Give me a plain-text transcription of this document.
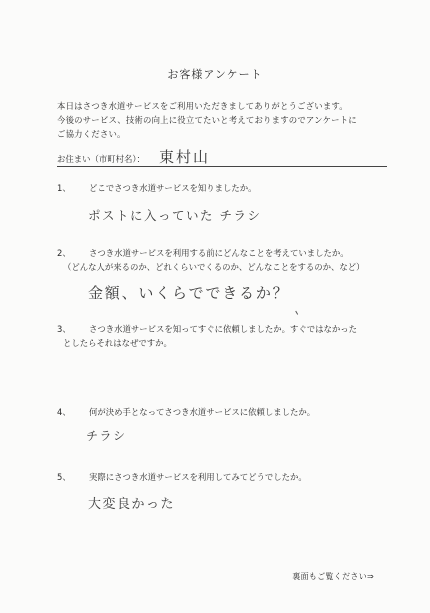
お客様アンケート
本日はさつき水道サービスをご利用いただきましてありがとうございます。
今後のサービス、技術の向上に役立てたいと考えておりますのでアンケートに
ご協力ください。
お住まい（市町村名）： 東村山
1、 どこでさつき水道サービスを知りましたか。
ポストに入っていた チラシ
2、 さつき水道サービスを利用する前にどんなことを考えていましたか。
（どんな人が来るのか、どれくらいでくるのか、どんなことをするのか、など）
金額、いくらでできるか？
3、 さつき水道サービスを知ってすぐに依頼しましたか。すぐではなかった
としたらそれはなぜですか。
4、 何が決め手となってさつき水道サービスに依頼しましたか。
チラシ
5、 実際にさつき水道サービスを利用してみてどうでしたか。
大変良かった
裏面もご覧ください⇒
